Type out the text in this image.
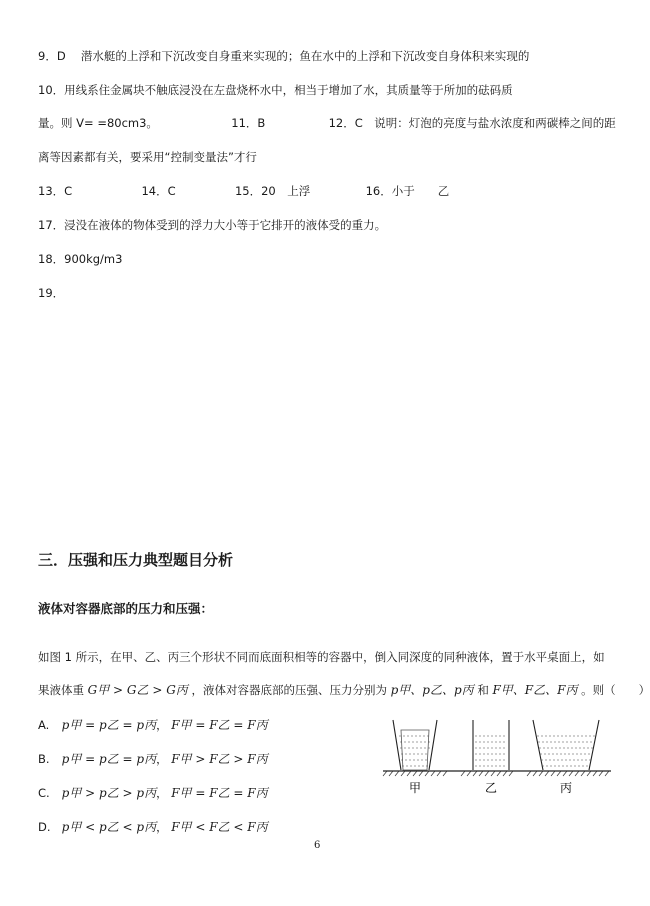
9．D　 潜水艇的上浮和下沉改变自身重来实现的；鱼在水中的上浮和下沉改变自身体积来实现的
10．用线系住金属块不触底浸没在左盘烧杯水中，相当于增加了水，其质量等于所加的砝码质
量。则 V= =80cm3。	11．B	12．C　说明：灯泡的亮度与盐水浓度和两碳棒之间的距
离等因素都有关，要采用“控制变量法”才行
13．C	14．C	15．20　上浮	16．小于　　乙
17．浸没在液体的物体受到的浮力大小等于它排开的液体受的重力。
18．900kg/m3
19．
三．压强和压力典型题目分析
液体对容器底部的压力和压强：
如图 1 所示，在甲、乙、丙三个形状不同而底面积相等的容器中，倒入同深度的同种液体，置于水平桌面上，如
果液体重 G甲 > G乙 > G丙 ，液体对容器底部的压强、压力分别为 p甲、p乙、p丙 和 F甲、F乙、F丙 。则（　　）
A. p甲 = p乙 = p丙， F甲 = F乙 = F丙
B. p甲 = p乙 = p丙， F甲 > F乙 > F丙
C. p甲 > p乙 > p丙， F甲 = F乙 = F丙
D. p甲 < p乙 < p丙， F甲 < F乙 < F丙
甲	乙	丙
6
